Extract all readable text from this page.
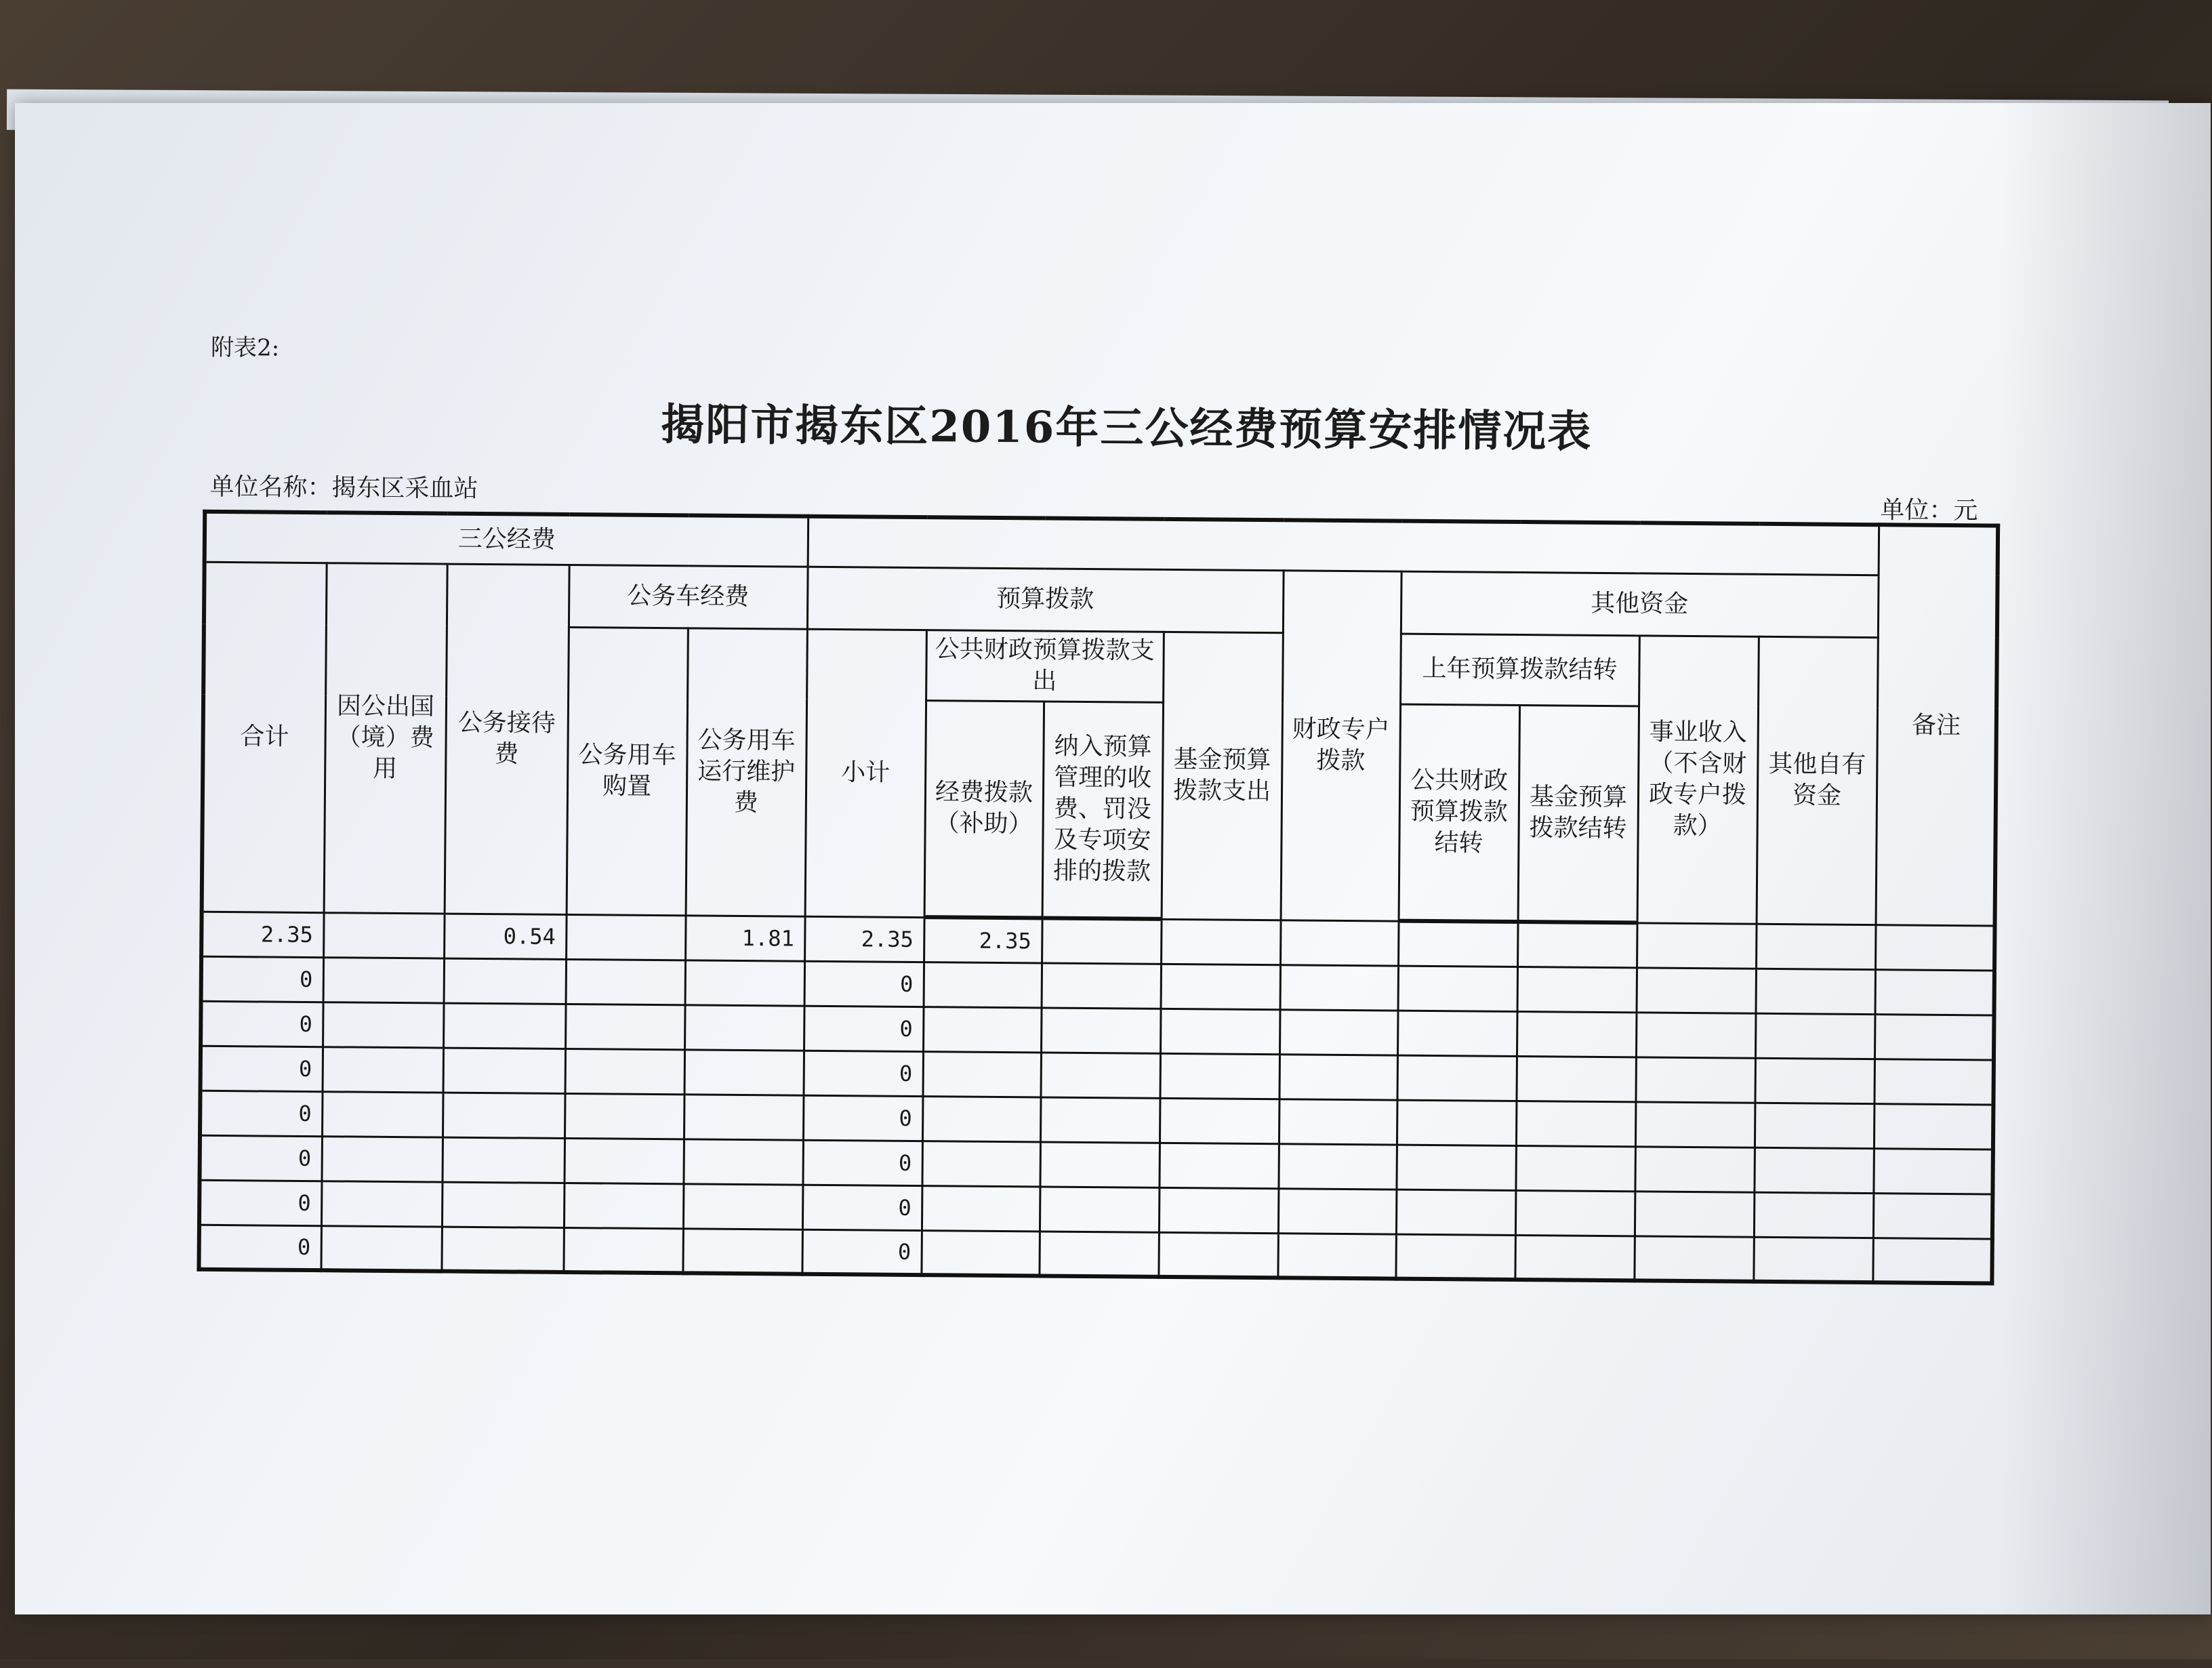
附表2:
揭阳市揭东区2016年三公经费预算安排情况表
单位名称：揭东区采血站
单位：元
三公经费														备注
合计	因公出国（境）费用	公务接待费	公务车经费		预算拨款				财政专户拨款	其他资金				
			公务用车购置	公务用车运行维护费	小计	公共财政预算拨款支出		基金预算拨款支出		上年预算拨款结转		事业收入（不含财政专户拨款）	其他自有资金	
						经费拨款（补助）	纳入预算管理的收费、罚没及专项安排的拨款			公共财政预算拨款结转	基金预算拨款结转			
2.35		0.54		1.81	2.35	2.35								
0					0									
0					0									
0					0									
0					0									
0					0									
0					0									
0					0									
